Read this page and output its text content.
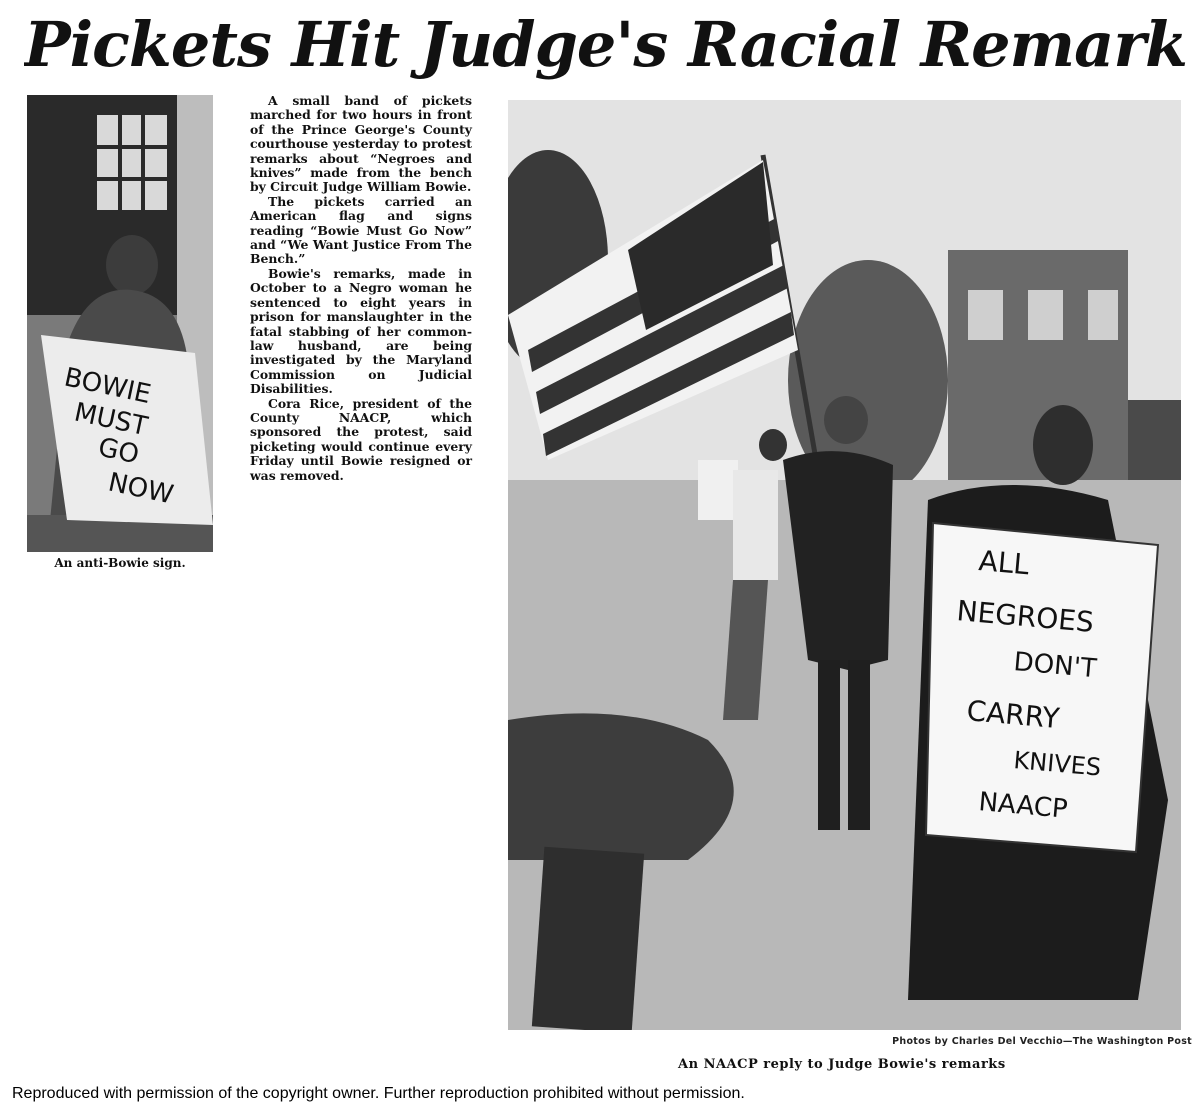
Pickets Hit Judge's Racial Remark
BOWIE
MUST
GO
NOW
An anti-Bowie sign.

A small band of pickets marched for two hours in front of the Prince George's County courthouse yesterday to protest remarks about “Negroes and knives” made from the bench by Circuit Judge William Bowie.

The pickets carried an American flag and signs reading “Bowie Must Go Now” and “We Want Justice From The Bench.”

Bowie's remarks, made in October to a Negro woman he sentenced to eight years in prison for manslaughter in the fatal stabbing of her common-law husband, are being investigated by the Maryland Commission on Judicial Disabilities.

Cora Rice, president of the County NAACP, which sponsored the protest, said picketing would continue every Friday until Bowie resigned or was removed.

ALL
NEGROES
DON'T
CARRY
KNIVES
NAACP
Photos by Charles Del Vecchio—The Washington Post
An NAACP reply to Judge Bowie's remarks
Reproduced with permission of the copyright owner. Further reproduction prohibited without permission.
